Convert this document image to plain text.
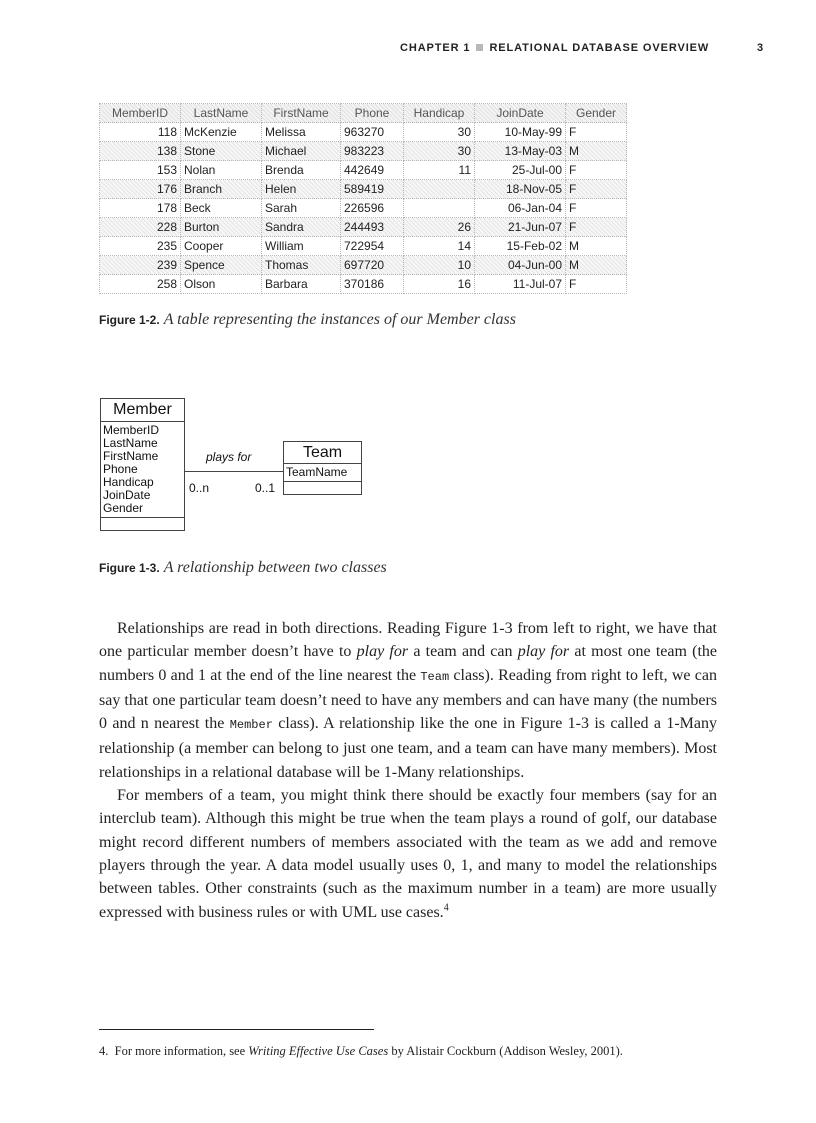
CHAPTER 1 RELATIONAL DATABASE OVERVIEW	3
MemberID	LastName	FirstName	Phone	Handicap	JoinDate	Gender
118	McKenzie	Melissa	963270	30	10-May-99	F
138	Stone	Michael	983223	30	13-May-03	M
153	Nolan	Brenda	442649	11	25-Jul-00	F
176	Branch	Helen	589419		18-Nov-05	F
178	Beck	Sarah	226596		06-Jan-04	F
228	Burton	Sandra	244493	26	21-Jun-07	F
235	Cooper	William	722954	14	15-Feb-02	M
239	Spence	Thomas	697720	10	04-Jun-00	M
258	Olson	Barbara	370186	16	11-Jul-07	F
Figure 1-2. A table representing the instances of our Member class
Member
MemberID
LastName
FirstName
Phone
Handicap
JoinDate
Gender
Team
TeamName
plays for
0..n	0..1
Figure 1-3. A relationship between two classes

Relationships are read in both directions. Reading Figure 1-3 from left to right, we have that one particular member doesn’t have to play for a team and can play for at most one team (the numbers 0 and 1 at the end of the line nearest the Team class). Reading from right to left, we can say that one particular team doesn’t need to have any members and can have many (the numbers 0 and n nearest the Member class). A relationship like the one in Figure 1-3 is called a 1-Many relationship (a member can belong to just one team, and a team can have many members). Most relationships in a relational database will be 1-Many relationships.

For members of a team, you might think there should be exactly four members (say for an interclub team). Although this might be true when the team plays a round of golf, our database might record different numbers of members associated with the team as we add and remove players through the year. A data model usually uses 0, 1, and many to model the relationships between tables. Other constraints (such as the maximum number in a team) are more usually expressed with business rules or with UML use cases.$^4$

4. For more information, see Writing Effective Use Cases by Alistair Cockburn (Addison Wesley, 2001).
